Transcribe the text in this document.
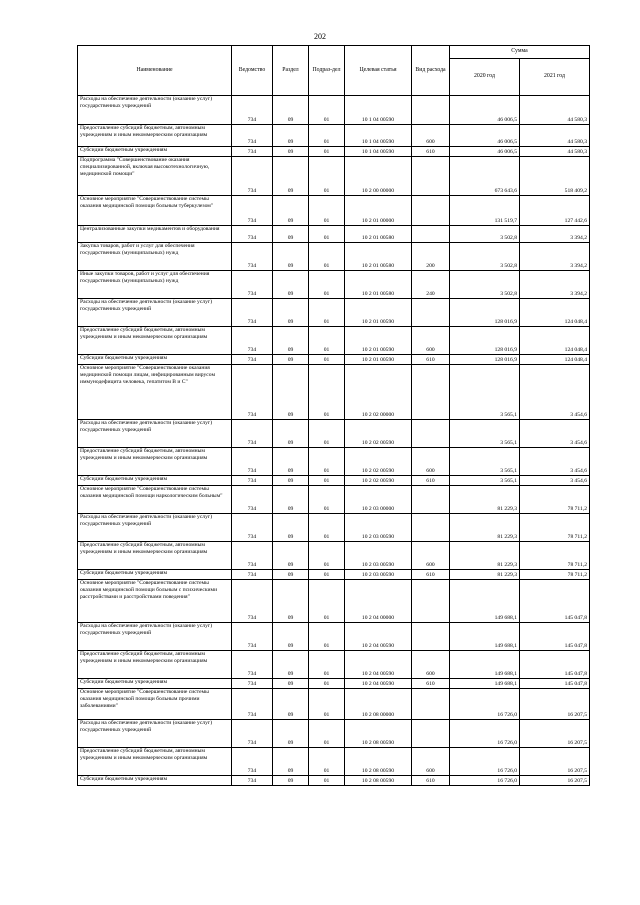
202
Наименование	Ведомство	Раздел	Подраз-дел	Целевая статья	Вид расхода	Сумма	
						2020 год	2021 год
Расходы на обеспечение деятельности (оказание услуг) государственных учреждений	734	09	01	10 1 04 00590		46 006,5	44 580,3
Предоставление субсидий бюджетным, автономным учреждениям и иным некоммерческим организациям	734	09	01	10 1 04 00590	600	46 006,5	44 580,3
Субсидии бюджетным учреждениям	734	09	01	10 1 04 00590	610	46 006,5	44 580,3
Подпрограмма "Совершенствование оказания специализированной, включая высокотехнологичную, медицинской помощи"	734	09	01	10 2 00 00000		673 643,6	518 409,2
Основное мероприятие "Совершенствование системы оказания медицинской помощи больным туберкулезом"	734	09	01	10 2 01 00000		131 519,7	127 442,6
Централизованные закупки медикаментов и оборудования	734	09	01	10 2 01 00580		3 502,8	3 394,2
Закупка товаров, работ и услуг для обеспечения государственных (муниципальных) нужд	734	09	01	10 2 01 00580	200	3 502,8	3 394,2
Иные закупки товаров, работ и услуг для обеспечения государственных (муниципальных) нужд	734	09	01	10 2 01 00580	240	3 502,8	3 394,2
Расходы на обеспечение деятельности (оказание услуг) государственных учреждений	734	09	01	10 2 01 00590		128 016,9	124 048,4
Предоставление субсидий бюджетным, автономным учреждениям и иным некоммерческим организациям	734	09	01	10 2 01 00590	600	128 016,9	124 048,4
Субсидии бюджетным учреждениям	734	09	01	10 2 01 00590	610	128 016,9	124 048,4
Основное мероприятие "Совершенствование оказания медицинской помощи лицам, инфицированным вирусом иммунодефицита человека, гепатитом В и С"	734	09	01	10 2 02 00000		3 565,1	3 454,6
Расходы на обеспечение деятельности (оказание услуг) государственных учреждений	734	09	01	10 2 02 00590		3 565,1	3 454,6
Предоставление субсидий бюджетным, автономным учреждениям и иным некоммерческим организациям	734	09	01	10 2 02 00590	600	3 565,1	3 454,6
Субсидии бюджетным учреждениям	734	09	01	10 2 02 00590	610	3 565,1	3 454,6
Основное мероприятие "Совершенствование системы оказания медицинской помощи наркологическим больным"	734	09	01	10 2 03 00000		81 229,3	78 711,2
Расходы на обеспечение деятельности (оказание услуг) государственных учреждений	734	09	01	10 2 03 00590		81 229,3	78 711,2
Предоставление субсидий бюджетным, автономным учреждениям и иным некоммерческим организациям	734	09	01	10 2 03 00590	600	81 229,3	78 711,2
Субсидии бюджетным учреждениям	734	09	01	10 2 03 00590	610	81 229,3	78 711,2
Основное мероприятие "Совершенствование системы оказания медицинской помощи больным с психическими расстройствами и расстройствами поведения"	734	09	01	10 2 04 00000		149 688,1	145 047,8
Расходы на обеспечение деятельности (оказание услуг) государственных учреждений	734	09	01	10 2 04 00590		149 688,1	145 047,8
Предоставление субсидий бюджетным, автономным учреждениям и иным некоммерческим организациям	734	09	01	10 2 04 00590	600	149 688,1	145 047,8
Субсидии бюджетным учреждениям	734	09	01	10 2 04 00590	610	149 688,1	145 047,8
Основное мероприятие "Совершенствование системы оказания медицинской помощи больным прочими заболеваниями"	734	09	01	10 2 08 00000		16 726,0	16 207,5
Расходы на обеспечение деятельности (оказание услуг) государственных учреждений	734	09	01	10 2 08 00590		16 726,0	16 207,5
Предоставление субсидий бюджетным, автономным учреждениям и иным некоммерческим организациям	734	09	01	10 2 08 00590	600	16 726,0	16 207,5
Субсидии бюджетным учреждениям	734	09	01	10 2 08 00590	610	16 726,0	16 207,5
